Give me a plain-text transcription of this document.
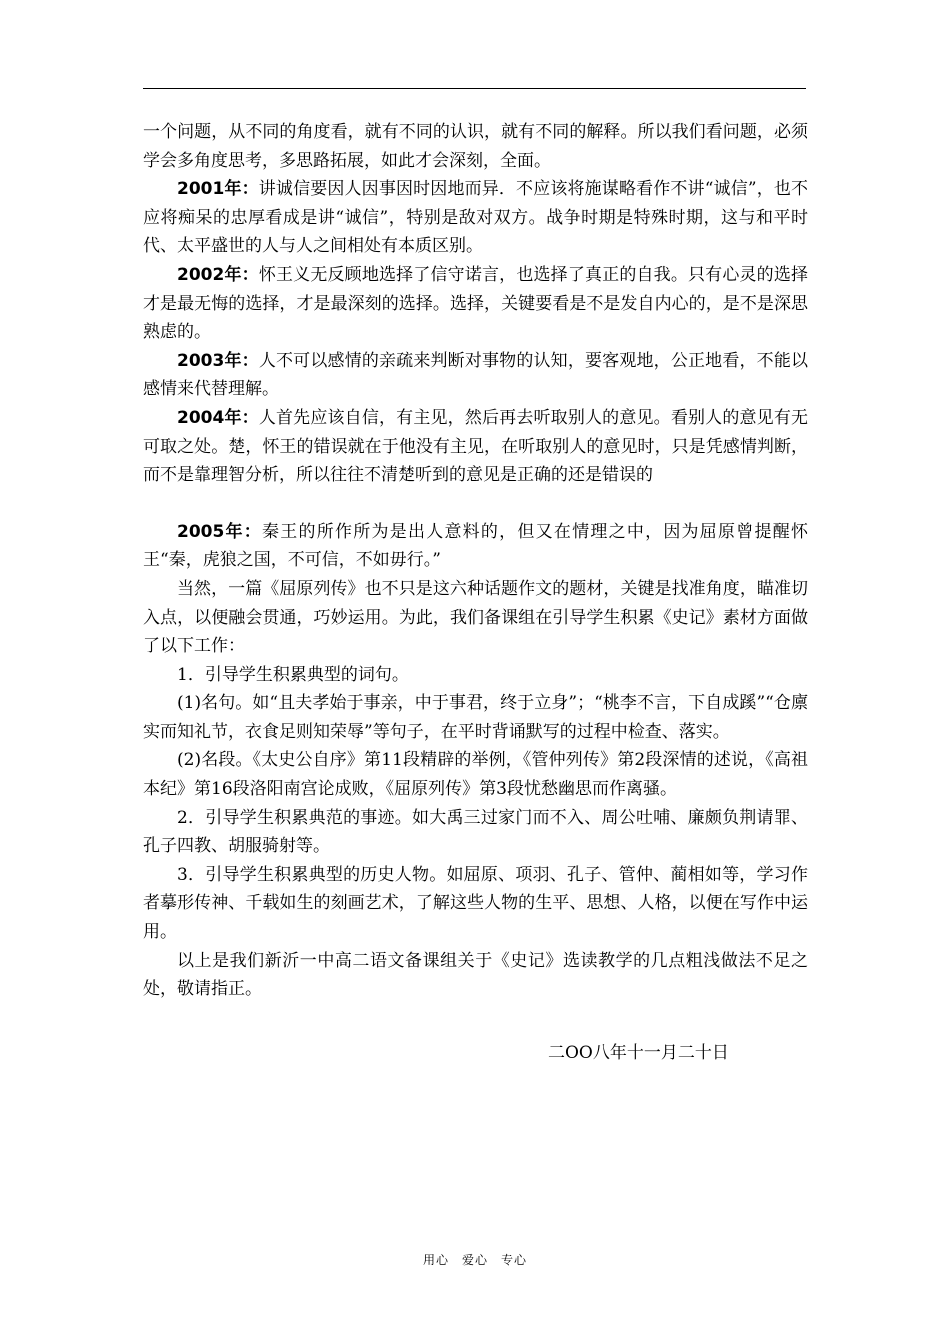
一个问题，从不同的角度看，就有不同的认识，就有不同的解释。所以我们看问题，必须学会多角度思考，多思路拓展，如此才会深刻，全面。

2001年：讲诚信要因人因事因时因地而异．不应该将施谋略看作不讲“诚信”，也不应将痴呆的忠厚看成是讲“诚信”，特别是敌对双方。战争时期是特殊时期，这与和平时代、太平盛世的人与人之间相处有本质区别。

2002年：怀王义无反顾地选择了信守诺言，也选择了真正的自我。只有心灵的选择才是最无悔的选择，才是最深刻的选择。选择，关键要看是不是发自内心的，是不是深思熟虑的。

2003年：人不可以感情的亲疏来判断对事物的认知，要客观地，公正地看，不能以感情来代替理解。

2004年：人首先应该自信，有主见，然后再去听取别人的意见。看别人的意见有无可取之处。楚，怀王的错误就在于他没有主见，在听取别人的意见时，只是凭感情判断，而不是靠理智分析，所以往往不清楚听到的意见是正确的还是错误的

2005年：秦王的所作所为是出人意料的，但又在情理之中，因为屈原曾提醒怀王“秦，虎狼之国，不可信，不如毋行。”

当然，一篇《屈原列传》也不只是这六种话题作文的题材，关键是找准角度，瞄准切入点，以便融会贯通，巧妙运用。为此，我们备课组在引导学生积累《史记》素材方面做了以下工作：

1．引导学生积累典型的词句。

(1)名句。如“且夫孝始于事亲，中于事君，终于立身”；“桃李不言，下自成蹊”“仓廪实而知礼节，衣食足则知荣辱”等句子，在平时背诵默写的过程中检查、落实。

(2)名段。《太史公自序》第11段精辟的举例，《管仲列传》第2段深情的述说，《高祖本纪》第16段洛阳南宫论成败，《屈原列传》第3段忧愁幽思而作离骚。

2．引导学生积累典范的事迹。如大禹三过家门而不入、周公吐哺、廉颇负荆请罪、孔子四教、胡服骑射等。

3．引导学生积累典型的历史人物。如屈原、项羽、孔子、管仲、蔺相如等，学习作者摹形传神、千载如生的刻画艺术，了解这些人物的生平、思想、人格，以便在写作中运用。

以上是我们新沂一中高二语文备课组关于《史记》选读教学的几点粗浅做法不足之处，敬请指正。

二OO八年十一月二十日
用心　爱心　专心
